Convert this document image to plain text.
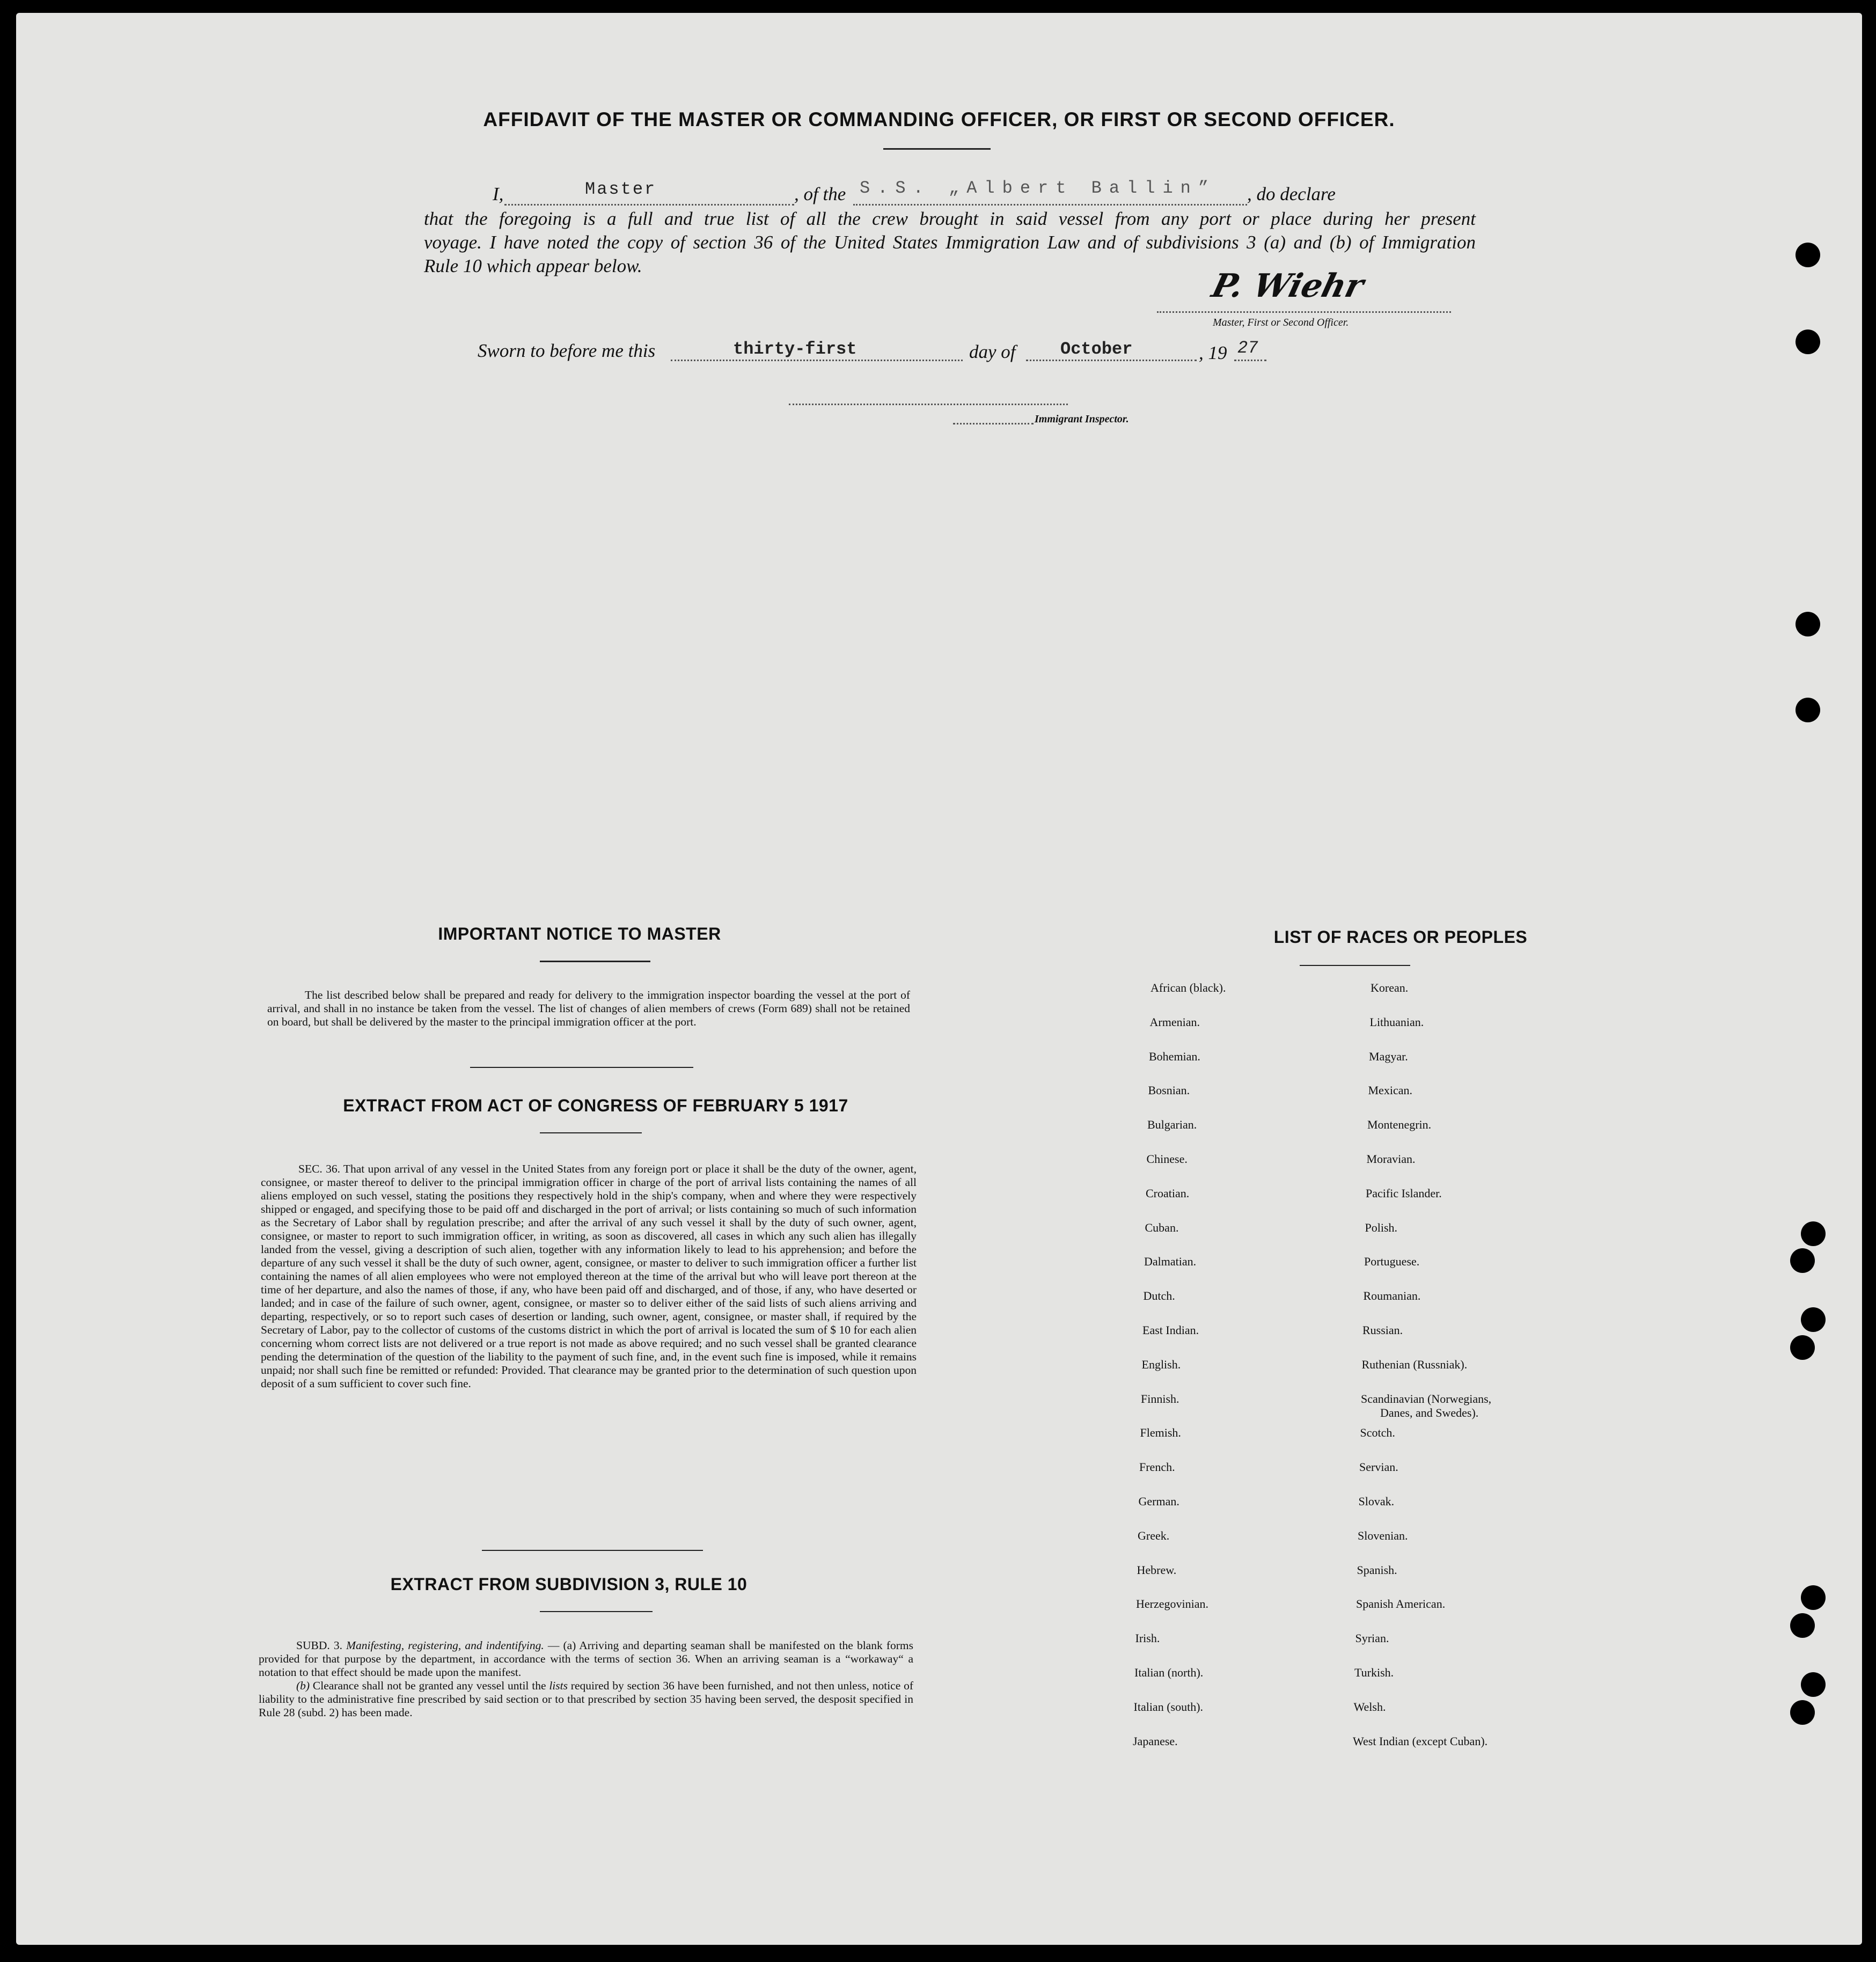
AFFIDAVIT OF THE MASTER OR COMMANDING OFFICER, OR FIRST OR SECOND OFFICER.
I,	Master	, of the S.S. „Albert Ballin” , do declare
that the foregoing is a full and true list of all the crew brought in said vessel from any port or place during her present
voyage. I have noted the copy of section 36 of the United States Immigration Law and of subdivisions 3 (a) and (b) of Immigration
Rule 10 which appear below.
P. Wiehr
Master, First or Second Officer.
Sworn to before me this	thirty-first	day of	October	, 19 27
Immigrant Inspector.
IMPORTANT NOTICE TO MASTER

The list described below shall be prepared and ready for delivery to the immigration inspector boarding the vessel at the port of arrival, and shall in no instance be taken from the vessel. The list of changes of alien members of crews (Form 689) shall not be retained on board, but shall be delivered by the master to the principal immigration officer at the port.

EXTRACT FROM ACT OF CONGRESS OF FEBRUARY 5 1917

SEC. 36. That upon arrival of any vessel in the United States from any foreign port or place it shall be the duty of the owner, agent, consignee, or master thereof to deliver to the principal immigration officer in charge of the port of arrival lists containing the names of all aliens employed on such vessel, stating the positions they respectively hold in the ship's company, when and where they were respectively shipped or engaged, and specifying those to be paid off and discharged in the port of arrival; or lists containing so much of such information as the Secretary of Labor shall by regulation prescribe; and after the arrival of any such vessel it shall by the duty of such owner, agent, consignee, or master to report to such immigration officer, in writing, as soon as discovered, all cases in which any such alien has illegally landed from the vessel, giving a description of such alien, together with any information likely to lead to his apprehension; and before the departure of any such vessel it shall be the duty of such owner, agent, consignee, or master to deliver to such immigration officer a further list containing the names of all alien employees who were not employed thereon at the time of the arrival but who will leave port thereon at the time of her departure, and also the names of those, if any, who have been paid off and discharged, and of those, if any, who have deserted or landed; and in case of the failure of such owner, agent, consignee, or master so to deliver either of the said lists of such aliens arriving and departing, respectively, or so to report such cases of desertion or landing, such owner, agent, consignee, or master shall, if required by the Secretary of Labor, pay to the collector of customs of the customs district in which the port of arrival is located the sum of $ 10 for each alien concerning whom correct lists are not delivered or a true report is not made as above required; and no such vessel shall be granted clearance pending the determination of the question of the liability to the payment of such fine, and, in the event such fine is imposed, while it remains unpaid; nor shall such fine be remitted or refunded: Provided. That clearance may be granted prior to the determination of such question upon deposit of a sum sufficient to cover such fine.

EXTRACT FROM SUBDIVISION 3, RULE 10

SUBD. 3. Manifesting, registering, and indentifying. — (a) Arriving and departing seaman shall be manifested on the blank forms provided for that purpose by the department, in accordance with the terms of section 36. When an arriving seaman is a “workaway“ a notation to that effect should be made upon the manifest.

(b) Clearance shall not be granted any vessel until the lists required by section 36 have been furnished, and not then unless, notice of liability to the administrative fine prescribed by said section or to that prescribed by section 35 having been served, the desposit specified in Rule 28 (subd. 2) has been made.

LIST OF RACES OR PEOPLES
African (black).
Armenian.
Bohemian.
Bosnian.
Bulgarian.
Chinese.
Croatian.
Cuban.
Dalmatian.
Dutch.
East Indian.
English.
Finnish.
Flemish.
French.
German.
Greek.
Hebrew.
Herzegovinian.
Irish.
Italian (north).
Italian (south).
Japanese.
Korean.
Lithuanian.
Magyar.
Mexican.
Montenegrin.
Moravian.
Pacific Islander.
Polish.
Portuguese.
Roumanian.
Russian.
Ruthenian (Russniak).
Scandinavian (Norwegians,
Danes, and Swedes).
Scotch.
Servian.
Slovak.
Slovenian.
Spanish.
Spanish American.
Syrian.
Turkish.
Welsh.
West Indian (except Cuban).
